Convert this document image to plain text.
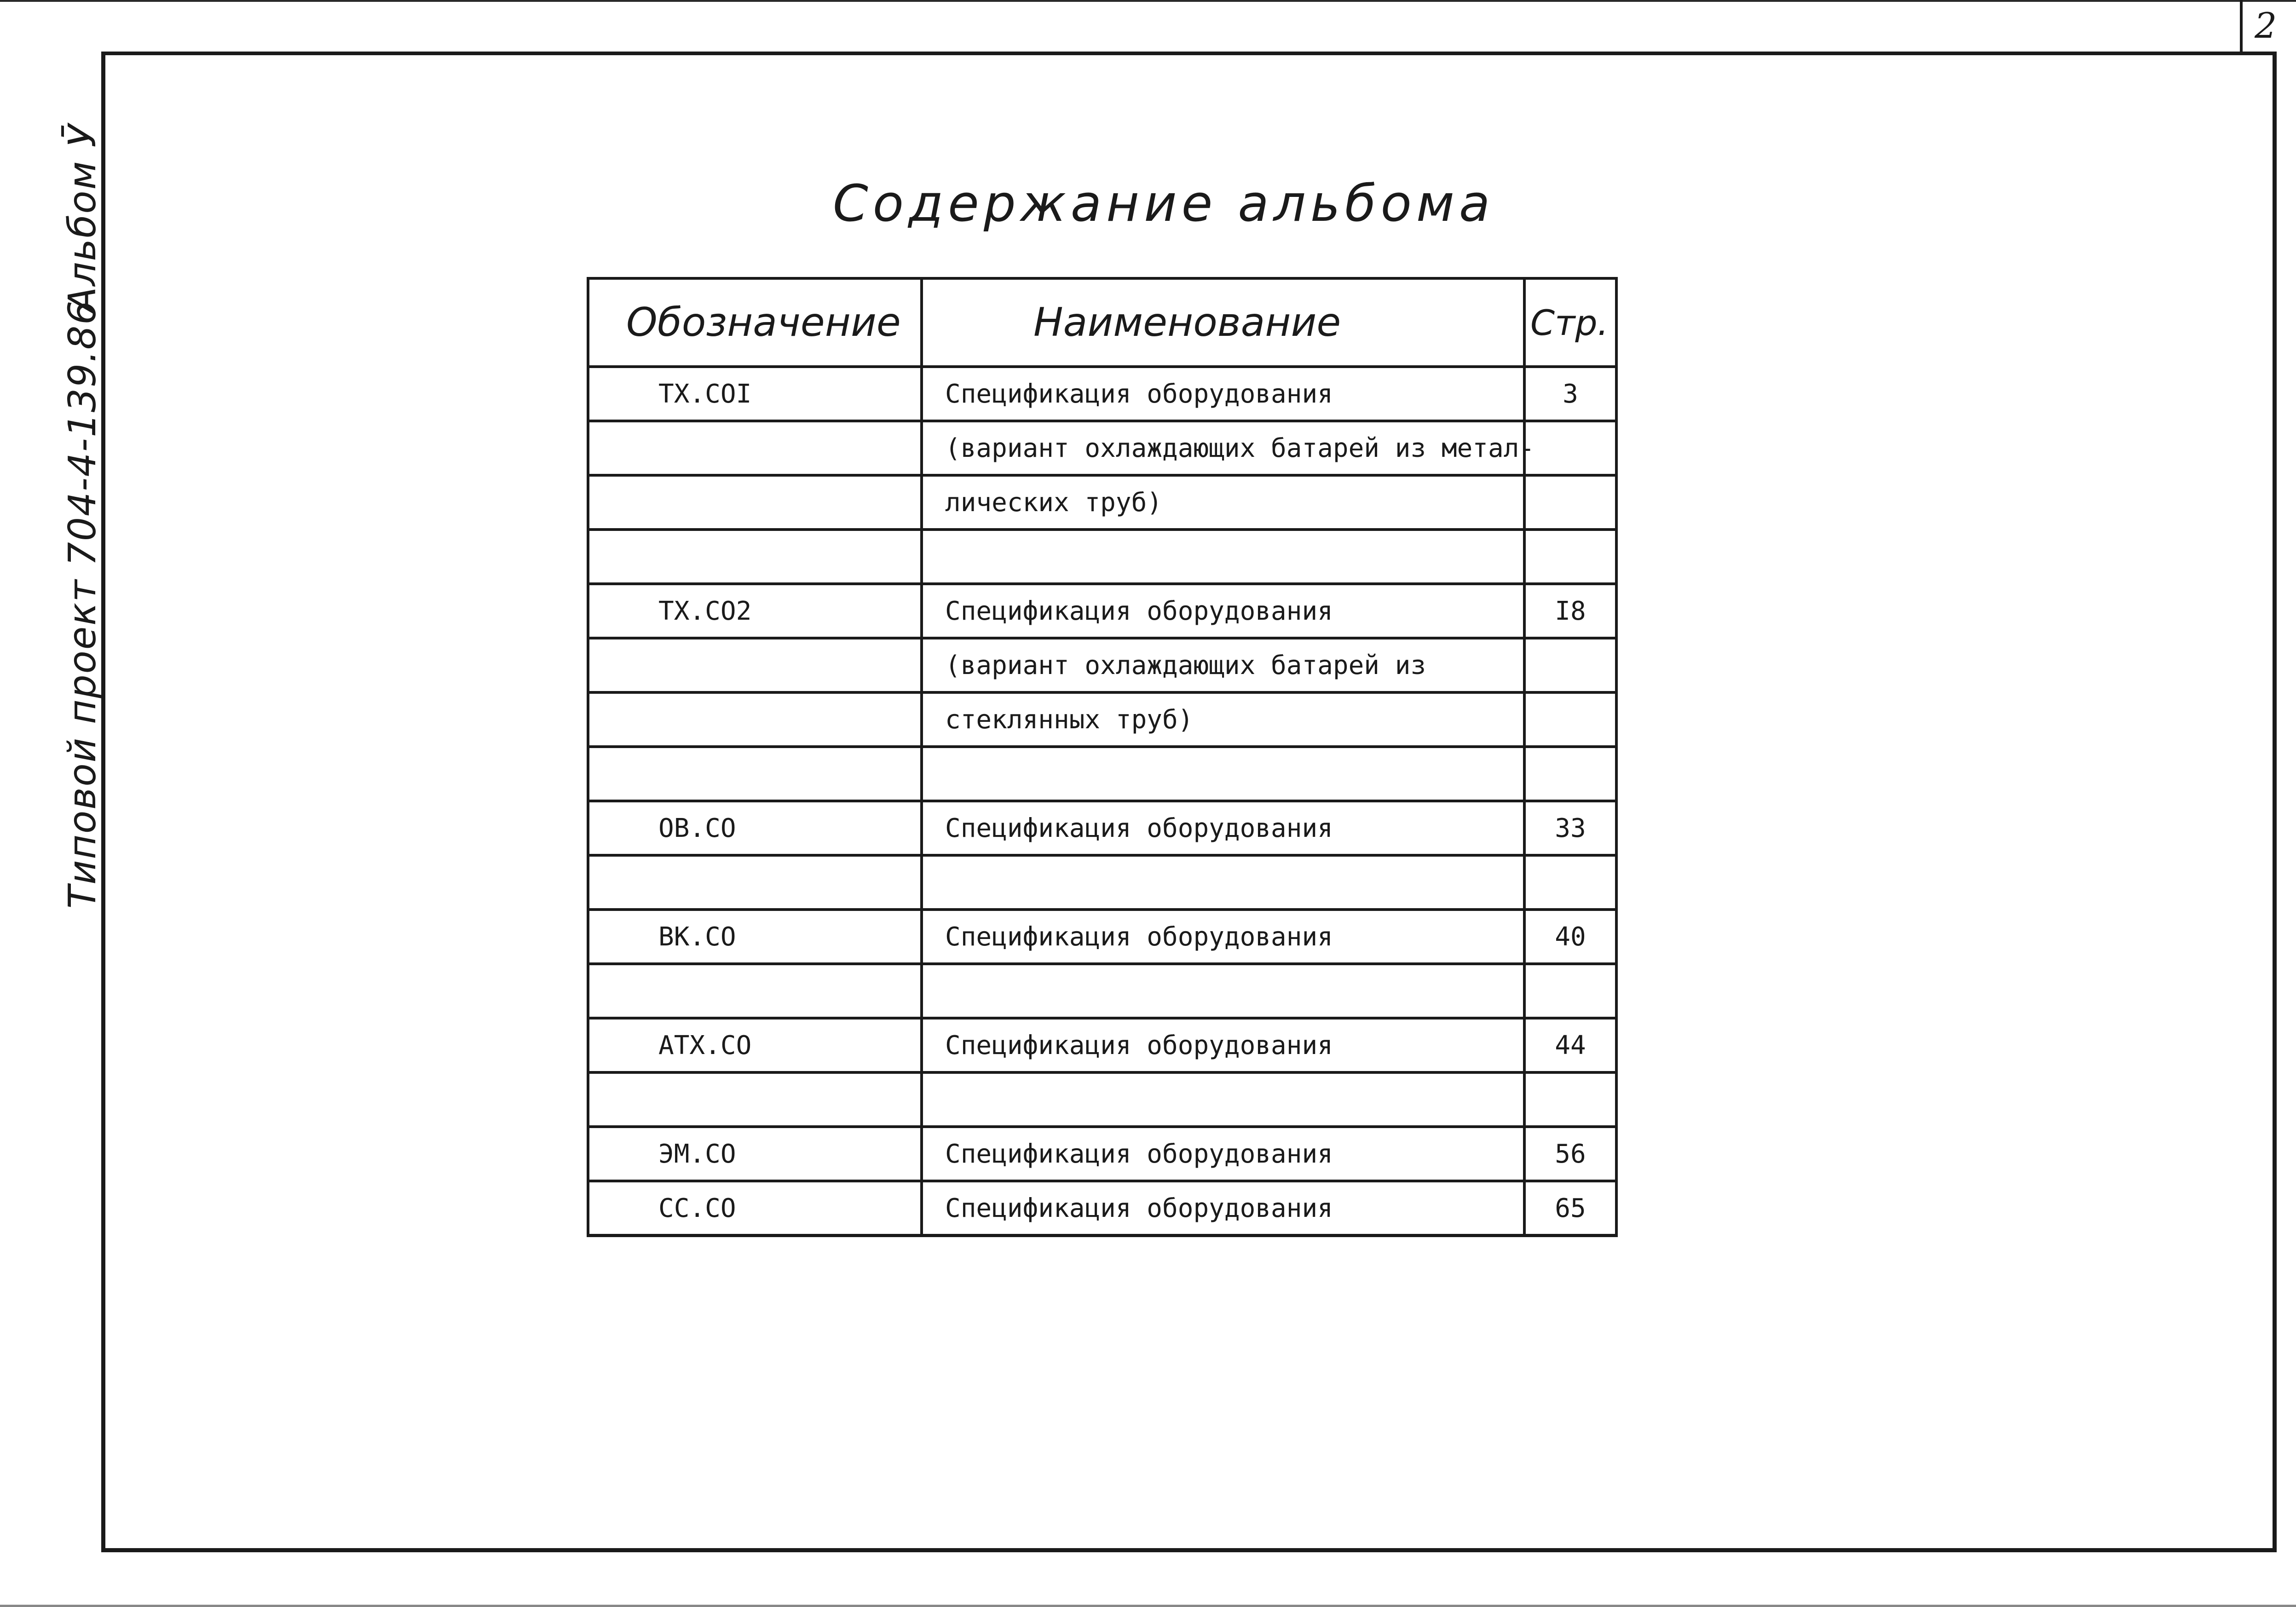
2
Альбом Ӯ
Типовой проект 704-4-139.86
Содержание альбома
Обозначение	Наименование	Стр.
TX.COI	Спецификация оборудования	3
	(вариант охлаждающих батарей из метал-	
	лических труб)	

TX.CO2	Спецификация оборудования	I8
	(вариант охлаждающих батарей из	
	стеклянных труб)	

OB.CO	Спецификация оборудования	33

BK.CO	Спецификация оборудования	40

ATX.CO	Спецификация оборудования	44

ЭМ.СО	Спецификация оборудования	56
CC.CO	Спецификация оборудования	65
